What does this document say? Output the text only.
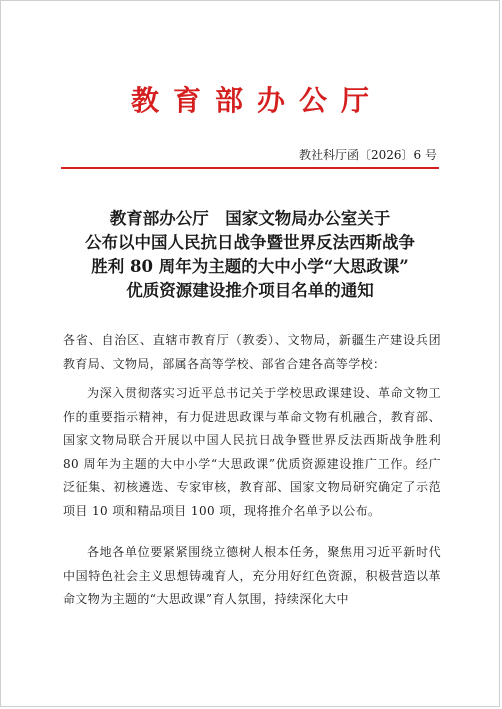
教育部办公厅
教社科厅函〔2026〕6 号
教育部办公厅　国家文物局办公室关于
公布以中国人民抗日战争暨世界反法西斯战争
胜利 80 周年为主题的大中小学“大思政课”
优质资源建设推介项目名单的通知

各省、自治区、直辖市教育厅（教委）、文物局，新疆生产建设兵团教育局、文物局，部属各高等学校、部省合建各高等学校：

为深入贯彻落实习近平总书记关于学校思政课建设、革命文物工作的重要指示精神，有力促进思政课与革命文物有机融合，教育部、国家文物局联合开展以中国人民抗日战争暨世界反法西斯战争胜利 80 周年为主题的大中小学“大思政课”优质资源建设推广工作。经广泛征集、初核遴选、专家审核，教育部、国家文物局研究确定了示范项目 10 项和精品项目 100 项，现将推介名单予以公布。

各地各单位要紧紧围绕立德树人根本任务，聚焦用习近平新时代中国特色社会主义思想铸魂育人，充分用好红色资源，积极营造以革命文物为主题的“大思政课”育人氛围，持续深化大中
